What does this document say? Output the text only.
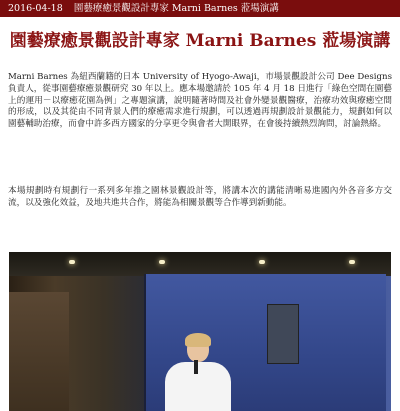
2016-04-18 園藝療癒景觀設計專家 Marni Barnes 蒞場演講
園藝療癒景觀設計專家 Marni Barnes 蒞場演講
Marni Barnes 為紐西蘭籍的日本 University of Hyogo-Awaji，市場景觀設計公司 Dee Designs 負責人，從事園藝療癒景觀研究 30 年以上。應本場邀請於 105 年 4 月 18 日進行「綠色空間在園藝上的運用－以療癒花園為例」之專題演講，說明隨著時間及社會外變景觀醫療，治療功效與療癒空間的形成，以及其從由不同背景人們的療癒需求進行規劃，可以透過再規劃設計景觀能力，規劃如何以園藝輔助治療，而會中許多西方國家的分享更令與會者大開眼界，在會後持續熱烈詢問，討論熱絡。
本場規劃時有規劃行一系列多年推之園林景觀設計等，將講本次的講能清晰易進國內外各音多方交流，以及強化效益，及地共進共合作，將能為相關景觀等合作導到新動能。
